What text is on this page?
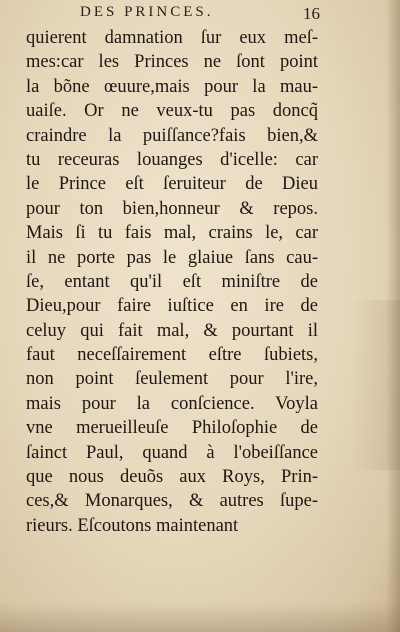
DES PRINCES.	16
quierent damnation ſur eux meſ-
mes:car les Princes ne ſont point
la bõne œuure,mais pour la mau-
uaiſe. Or ne veux-tu pas doncq̃
craindre la puiſſance?fais bien,&
tu receuras louanges d'icelle: car
le Prince eſt ſeruiteur de Dieu
pour ton bien,honneur & repos.
Mais ſi tu fais mal, crains le, car
il ne porte pas le glaiue ſans cau-
ſe, entant qu'il eſt miniſtre de
Dieu,pour faire iuſtice en ire de
celuy qui fait mal, & pourtant il
faut neceſſairement eſtre ſubiets,
non point ſeulement pour l'ire,
mais pour la conſcience. Voyla
vne merueilleuſe Philoſophie de
ſainct Paul, quand à l'obeiſſance
que nous deuõs aux Roys, Prin-
ces,& Monarques, & autres ſupe-
rieurs. Eſcoutons maintenant
